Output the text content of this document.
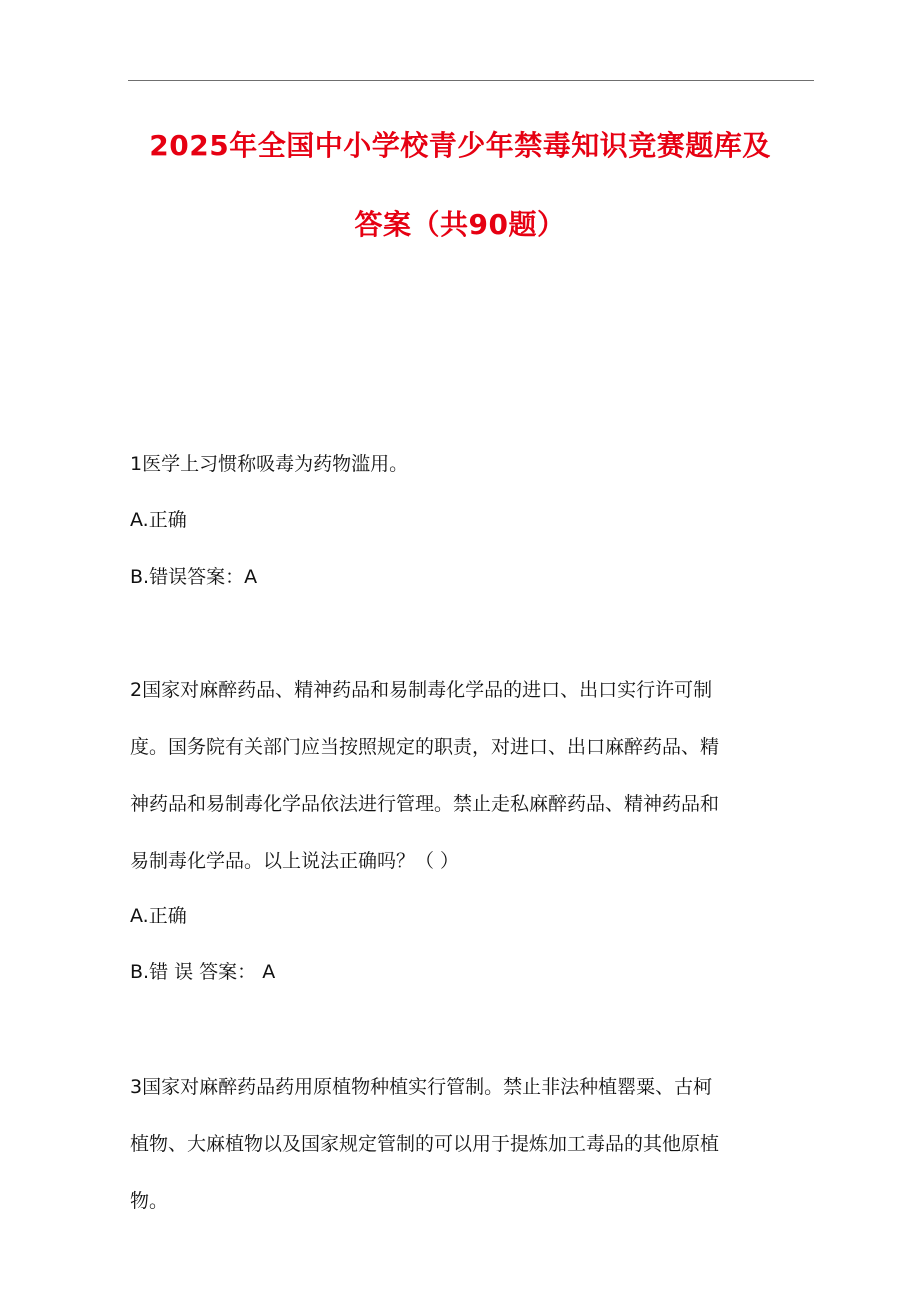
2025年全国中小学校青少年禁毒知识竞赛题库及
答案（共90题）
1医学上习惯称吸毒为药物滥用。
A.正确
B.错误答案：A
2国家对麻醉药品、精神药品和易制毒化学品的进口、出口实行许可制
度。国务院有关部门应当按照规定的职责，对进口、出口麻醉药品、精
神药品和易制毒化学品依法进行管理。禁止走私麻醉药品、精神药品和
易制毒化学品。以上说法正确吗？（ ）
A.正确
B.错 误 答案： A
3国家对麻醉药品药用原植物种植实行管制。禁止非法种植罂粟、古柯
植物、大麻植物以及国家规定管制的可以用于提炼加工毒品的其他原植
物。
